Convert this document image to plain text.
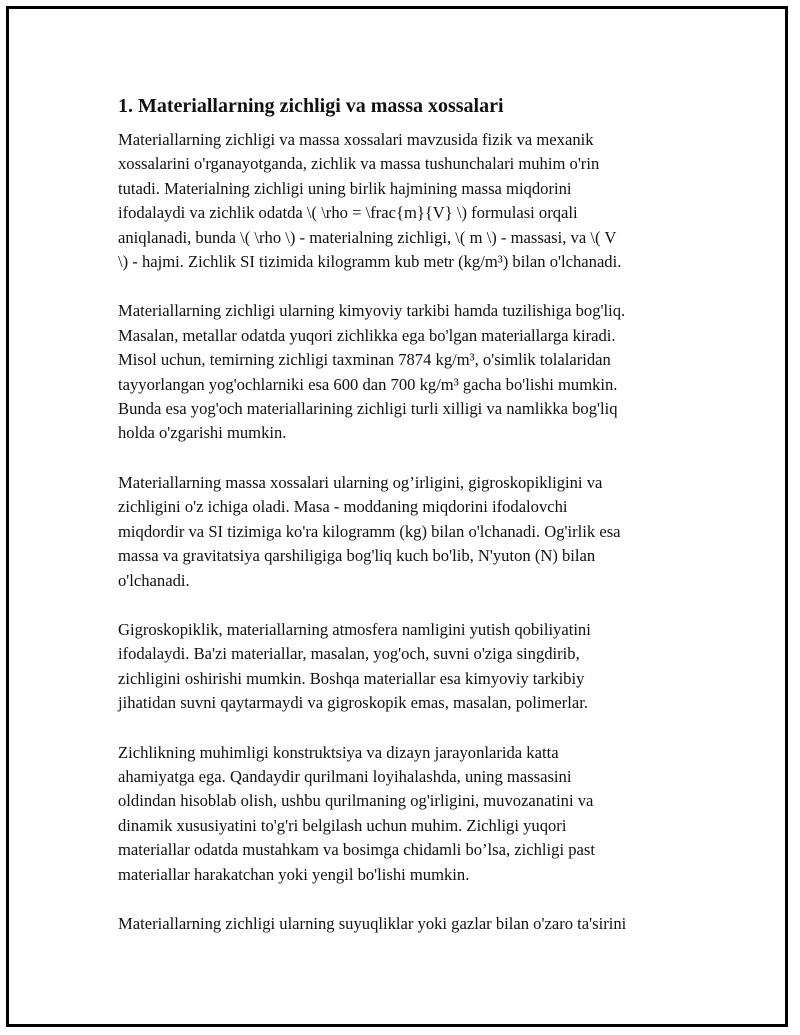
1. Materiallarning zichligi va massa xossalari
Materiallarning zichligi va massa xossalari mavzusida fizik va mexanik
xossalarini o'rganayotganda, zichlik va massa tushunchalari muhim o'rin
tutadi. Materialning zichligi uning birlik hajmining massa miqdorini
ifodalaydi va zichlik odatda \( \rho = \frac{m}{V} \) formulasi orqali
aniqlanadi, bunda \( \rho \) - materialning zichligi, \( m \) - massasi, va \( V
\) - hajmi. Zichlik SI tizimida kilogramm kub metr (kg/m³) bilan o'lchanadi.
Materiallarning zichligi ularning kimyoviy tarkibi hamda tuzilishiga bog'liq.
Masalan, metallar odatda yuqori zichlikka ega bo'lgan materiallarga kiradi.
Misol uchun, temirning zichligi taxminan 7874 kg/m³, o'simlik tolalaridan
tayyorlangan yog'ochlarniki esa 600 dan 700 kg/m³ gacha bo'lishi mumkin.
Bunda esa yog'och materiallarining zichligi turli xilligi va namlikka bog'liq
holda o'zgarishi mumkin.
Materiallarning massa xossalari ularning og’irligini, gigroskopikligini va
zichligini o'z ichiga oladi. Masa - moddaning miqdorini ifodalovchi
miqdordir va SI tizimiga ko'ra kilogramm (kg) bilan o'lchanadi. Og'irlik esa
massa va gravitatsiya qarshiligiga bog'liq kuch bo'lib, N'yuton (N) bilan
o'lchanadi.
Gigroskopiklik, materiallarning atmosfera namligini yutish qobiliyatini
ifodalaydi. Ba'zi materiallar, masalan, yog'och, suvni o'ziga singdirib,
zichligini oshirishi mumkin. Boshqa materiallar esa kimyoviy tarkibiy
jihatidan suvni qaytarmaydi va gigroskopik emas, masalan, polimerlar.
Zichlikning muhimligi konstruktsiya va dizayn jarayonlarida katta
ahamiyatga ega. Qandaydir qurilmani loyihalashda, uning massasini
oldindan hisoblab olish, ushbu qurilmaning og'irligini, muvozanatini va
dinamik xususiyatini to'g'ri belgilash uchun muhim. Zichligi yuqori
materiallar odatda mustahkam va bosimga chidamli bo’lsa, zichligi past
materiallar harakatchan yoki yengil bo'lishi mumkin.
Materiallarning zichligi ularning suyuqliklar yoki gazlar bilan o'zaro ta'sirini
